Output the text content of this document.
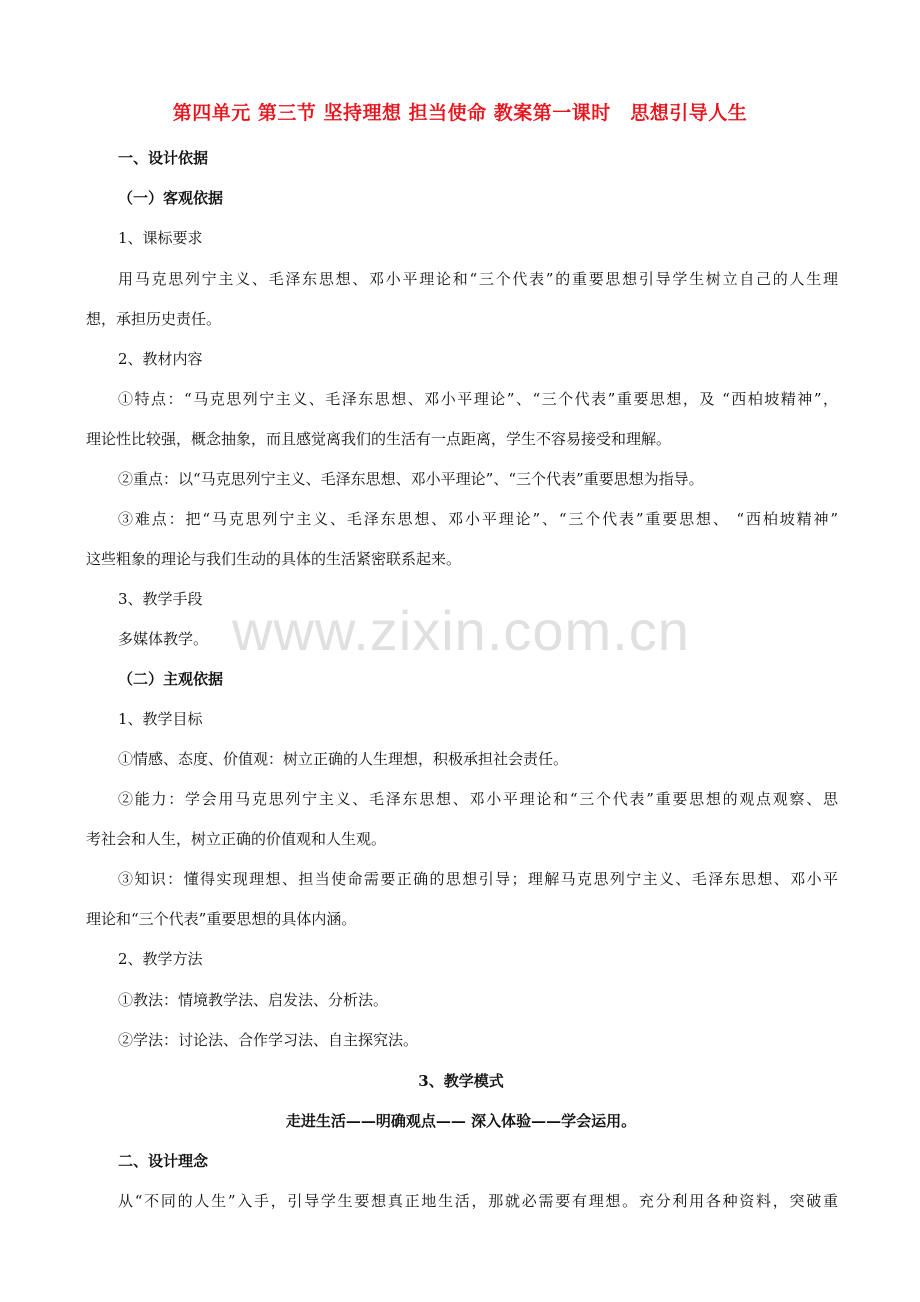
第四单元 第三节 坚持理想 担当使命 教案第一课时　思想引导人生
一、设计依据
（一）客观依据
1、课标要求
用马克思列宁主义、毛泽东思想、邓小平理论和“三个代表”的重要思想引导学生树立自己的人生理
想，承担历史责任。
2、教材内容
①特点：“马克思列宁主义、毛泽东思想、邓小平理论”、“三个代表”重要思想，及 “西柏坡精神”，
理论性比较强，概念抽象，而且感觉离我们的生活有一点距离，学生不容易接受和理解。
②重点：以“马克思列宁主义、毛泽东思想、邓小平理论”、“三个代表”重要思想为指导。
③难点：把“马克思列宁主义、毛泽东思想、邓小平理论”、“三个代表”重要思想、 “西柏坡精神”
这些粗象的理论与我们生动的具体的生活紧密联系起来。
3、教学手段
多媒体教学。
（二）主观依据
1、教学目标
①情感、态度、价值观：树立正确的人生理想，积极承担社会责任。
②能力：学会用马克思列宁主义、毛泽东思想、邓小平理论和“三个代表”重要思想的观点观察、思
考社会和人生，树立正确的价值观和人生观。
③知识：懂得实现理想、担当使命需要正确的思想引导；理解马克思列宁主义、毛泽东思想、邓小平
理论和“三个代表”重要思想的具体内涵。
2、教学方法
①教法：情境教学法、启发法、分析法。
②学法：讨论法、合作学习法、自主探究法。
3、教学模式
走进生活——明确观点—— 深入体验——学会运用。
二、设计理念
从“不同的人生”入手，引导学生要想真正地生活，那就必需要有理想。充分利用各种资料，突破重
www.zixin.com.cn
